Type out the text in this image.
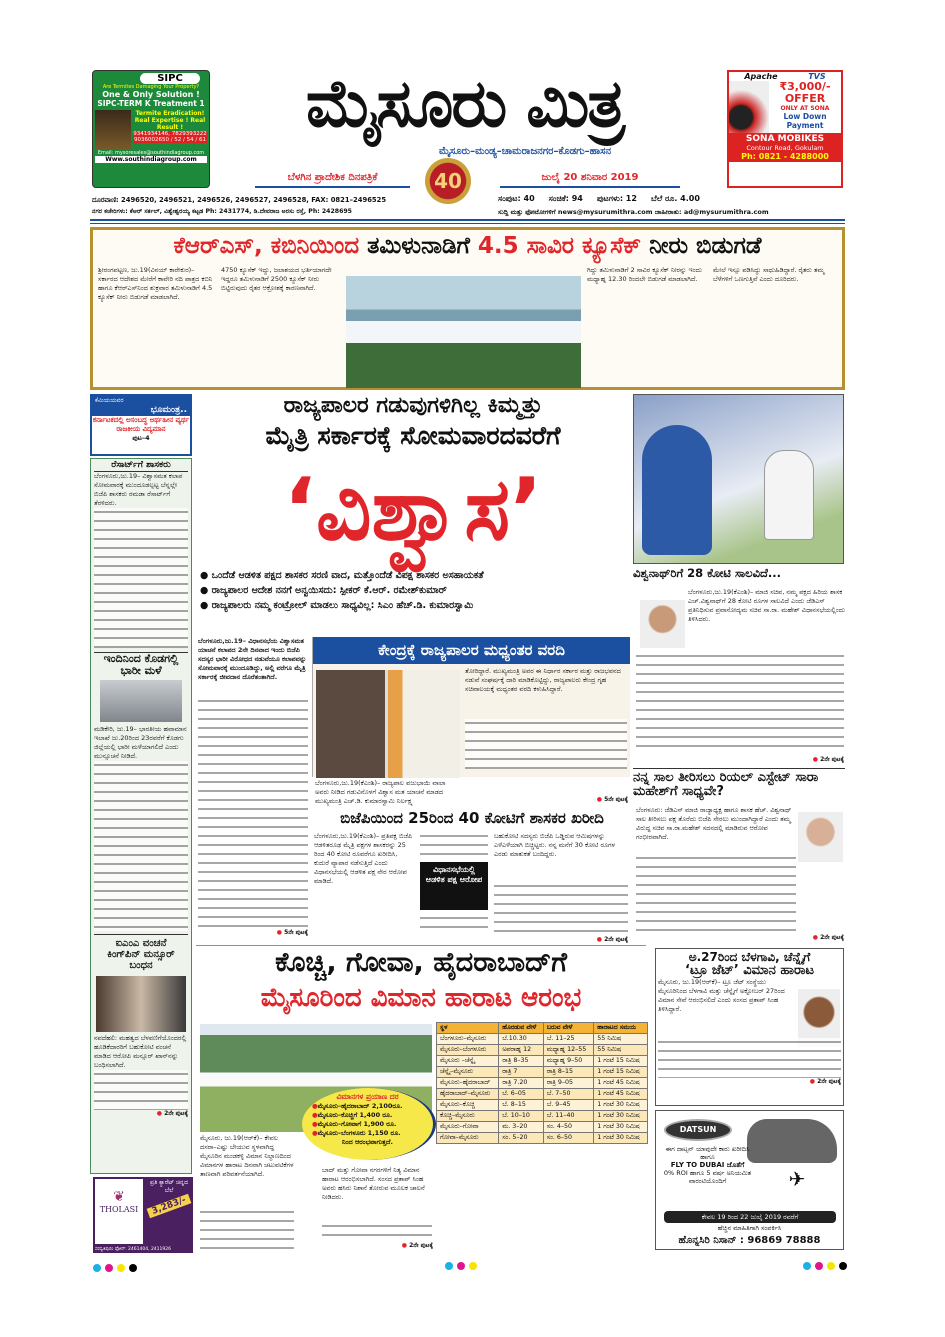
SIPC
Are Termites Damaging Your Property?
One & Only Solution !
SIPC-TERM K Treatment 1
Termite Eradication! Real Expertise ! Real Result !
9341934146, 7829393222 9036002650 / 52 / 54 / 61
Email: mysoresales@southindiagroup.com
Www.southindiagroup.com
ಮೈಸೂರು ಮಿತ್ರ
ಮೈಸೂರು–ಮಂಡ್ಯ–ಚಾಮರಾಜನಗರ–ಕೊಡಗು–ಹಾಸನ
ಬೆಳಗಿನ ಪ್ರಾದೇಶಿಕ ದಿನಪತ್ರಿಕೆ	40	ಜುಲೈ 20 ಶನಿವಾರ 2019
Apache	TVS
₹3,000/- OFFER
ONLY AT SONA
Low Down Payment
SONA MOBIKES
Contour Road, Gokulam
Ph: 0821 - 4288000
ದೂರವಾಣಿ: 2496520, 2496521, 2496526, 2496527, 2496528, FAX: 0821–2496525
ನಗರ ಕಚೇರಿಗಳು: ಕೆಆರ್ ಸರ್ಕಲ್, ವಿಶ್ವೇಶ್ವರಯ್ಯ ಕಟ್ಟಡ Ph: 2431774, ಡಿ.ದೇವರಾಜ ಅರಸು ರಸ್ತೆ, Ph: 2428695
ಸಂಪುಟ: 40 ಸಂಚಿಕೆ: 94 ಪುಟಗಳು: 12 ಬೆಲೆ ರೂ. 4.00
ಸುದ್ದಿ ಮತ್ತು ಫೋಟೋಗಳಿಗೆ news@mysurumithra.com ಜಾಹೀರಾತು: ad@mysurumithra.com
ಕೆಆರ್‌ಎಸ್, ಕಬಿನಿಯಿಂದ ತಮಿಳುನಾಡಿಗೆ 4.5 ಸಾವಿರ ಕ್ಯೂಸೆಕ್ ನೀರು ಬಿಡುಗಡೆ
ಶ್ರೀರಂಗಪಟ್ಟಣ, ಜು.19(ವಿನಯ್ ಕಾರೇಕುರ)– ಸರ್ಕಾರದ ಆದೇಶದ ಮೇರೆಗೆ ಕಾವೇರಿ ನದಿ ಪಾತ್ರದ ಕಬಿನಿ ಹಾಗೂ ಕೆಆರ್‌ಎಸ್‌ನಿಂದ ಶುಕ್ರವಾರ ತಮಿಳುನಾಡಿಗೆ 4.5 ಕ್ಯೂಸೆಕ್ ನೀರು ಬಿಡುಗಡೆ ಮಾಡಲಾಗಿದೆ.
4750 ಕ್ಯೂಸೆಕ್ ಇದ್ದು, ಜಲಾಶಯದ ಭರ್ತಿಯಾಗದೇ ಇದ್ದರೂ ತಮಿಳುನಾಡಿಗೆ 2500 ಕ್ಯೂಸೆಕ್ ನೀರು ಬಿಟ್ಟಿರುವುದು ರೈತರ ಆಕ್ರೋಶಕ್ಕೆ ಕಾರಣವಾಗಿದೆ.
ಗಿದ್ದು ತಮಿಳುನಾಡಿಗೆ 2 ಸಾವಿರ ಕ್ಯೂಸೆಕ್ ನೀರನ್ನು ಇಂದು ಮಧ್ಯಾಹ್ನ 12.30 ರಿಂದಲೇ ಬಿಡುಗಡೆ ಮಾಡಲಾಗಿದೆ.
ಮೇಲೆ ಇಸ್ಸೂ ಪಡಿಸಿದ್ದು ಸಾಧುಹಿಡಿದ್ದಾರೆ. ರೈತರು ತಮ್ಮ ಬೆಳೆಗಳಿಗೆ ಒಣಗುತ್ತಿವೆ ಎಂದು ದೂರಿದರು.
ಕೆಮಿಯಯವರ
ಭೂಮಂತ್ರ..
ಕರ್ನಾಟಕದಲ್ಲಿ ಅಸಂಬದ್ಧ ಅರ್ಥಹೀನ ವ್ಯರ್ಥ ರಾಜಕೀಯ ವಿದ್ಯಮಾನ
ಪುಟ–4
ರೆಸಾರ್ಟ್‌ಗೆ ಶಾಸಕರು
ಬೆಂಗಳೂರು,ಜು.19– ವಿಶ್ವಾಸಮತ ಕಲಾಪ ಸೋಮವಾರಕ್ಕೆ ಮುಂದೂಡಲ್ಪಟ್ಟ ಬೆನ್ನಲ್ಲೇ ಬಿಜೆಪಿ ಶಾಸಕರು ರಮಡಾ ರೆಸಾರ್ಟ್‌ಗೆ ತೆರಳಿದರು.
ಇಂದಿನಿಂದ ಕೊಡಗಲ್ಲಿ ಭಾರೀ ಮಳೆ
ಮಡಿಕೇರಿ, ಜು.19– ಭಾರತೀಯ ಹವಾಮಾನ ಇಲಾಖೆ ಜು.20ರಿಂದ 23ರವರೆಗೆ ಕೊಡಗು ಜಿಲ್ಲೆಯಲ್ಲಿ ಭಾರೀ ಮಳೆಯಾಗಲಿದೆ ಎಂದು ಮುನ್ಸೂಚನೆ ನೀಡಿದೆ.
ಐಎಂಎ ವಂಚನೆ ಕಿಂಗ್‌ಪಿನ್ ಮನ್ಸೂರ್ ಬಂಧನ
ನವದೆಹಲಿ: ಮಹತ್ವದ ಬೆಳವಣಿಗೆಯೊಂದರಲ್ಲಿ ಹೂಡಿಕೆದಾರರಿಗೆ ಬಹುಕೋಟಿ ವಂಚನೆ ಮಾಡಿದ ಆರೋಪಿ ಮನ್ಸೂರ್ ಖಾನ್‌ನನ್ನು ಬಂಧಿಸಲಾಗಿದೆ.
● 2ನೇ ಪುಟಕ್ಕೆ
❦
THOLASI
ಪ್ರತಿ ಕ್ಯಾರೆಟ್ ಚಿನ್ನದ ಬೆಲೆ
3,283/-
ಸರಸ್ವತಿಪುರಂ ಫೋನ್: 2461404, 2411926
ರಾಜ್ಯಪಾಲರ ಗಡುವುಗಳಿಗಿಲ್ಲ ಕಿಮ್ಮತ್ತು
ಮೈತ್ರಿ ಸರ್ಕಾರಕ್ಕೆ ಸೋಮವಾರದವರೆಗೆ
‘ವಿಶ್ವಾಸ’
● ಒಂದೆಡೆ ಆಡಳಿತ ಪಕ್ಷದ ಶಾಸಕರ ಸರಣಿ ವಾದ, ಮತ್ತೊಂದೆಡೆ ವಿಪಕ್ಷ ಶಾಸಕರ ಅಸಹಾಯಕತೆ
● ರಾಜ್ಯಪಾಲರ ಆದೇಶ ನನಗೆ ಅನ್ವಯಿಸದು: ಸ್ಪೀಕರ್ ಕೆ.ಆರ್. ರಮೇಶ್‌ಕುಮಾರ್
● ರಾಜ್ಯಪಾಲರು ನಮ್ಮ ಕಂಟ್ರೋಲ್ ಮಾಡಲು ಸಾಧ್ಯವಿಲ್ಲ: ಸಿಎಂ ಹೆಚ್.ಡಿ. ಕುಮಾರಸ್ವಾಮಿ
ಬೆಂಗಳೂರು,ಜು.19– ವಿಧಾನಸಭೆಯ ವಿಶ್ವಾಸಮತ ಯಾಚನೆ ಕಲಾಪದ 2ನೇ ದಿನವಾದ ಇಂದು ಬಿಜೆಪಿ ಸದಸ್ಯರ ಭಾರೀ ವಿರೋಧದ ನಡುವೆಯೂ ಕಲಾಪವನ್ನು ಸೋಮವಾರಕ್ಕೆ ಮುಂದೂಡಿದ್ದು, ಅಲ್ಲಿ ವರೆಗೂ ಮೈತ್ರಿ ಸರ್ಕಾರಕ್ಕೆ ಜೀವದಾನ ದೊರೆತಂತಾಗಿದೆ.
● 5ನೇ ಪುಟಕ್ಕೆ
ಕೇಂದ್ರಕ್ಕೆ ರಾಜ್ಯಪಾಲರ ಮಧ್ಯಂತರ ವರದಿ
ತೋರಿದ್ದಾರೆ. ಮುಖ್ಯಮಂತ್ರಿ ಅವರ ಈ ನಿರ್ಧಾರ ಸರ್ಕಾರ ಮತ್ತು ರಾಜಭವನದ ನಡುವೆ ಸಂಘರ್ಷಕ್ಕೆ ದಾರಿ ಮಾಡಿಕೊಟ್ಟಿದ್ದು, ರಾಜ್ಯಪಾಲರು ಕೇಂದ್ರ ಗೃಹ ಸಚಿವಾಲಯಕ್ಕೆ ಮಧ್ಯಂತರ ವರದಿ ಕಳುಹಿಸಿದ್ದಾರೆ.
ಬೆಂಗಳೂರು,ಜು.19(ಕೆಎಂಶಿ)– ರಾಜ್ಯಪಾಲ ವಜುಭಾಯಿ ವಾಲಾ ಅವರು ನೀಡಿದ ಗಡುವಿನೊಳಗೆ ವಿಶ್ವಾಸ ಮತ ಯಾಚನೆ ಮಾಡದ ಮುಖ್ಯಮಂತ್ರಿ ಎಚ್.ಡಿ. ಕುಮಾರಸ್ವಾಮಿ ನಿರ್ಲಕ್ಷ್ಯ	● 5ನೇ ಪುಟಕ್ಕೆ
ಬಿಜೆಪಿಯಿಂದ 25ರಿಂದ 40 ಕೋಟಿಗೆ ಶಾಸಕರ ಖರೀದಿ
ಬೆಂಗಳೂರು,ಜು.19(ಕೆಎಂಶಿ)– ಪ್ರತಿಪಕ್ಷ ಬಿಜೆಪಿ ಆಡಳಿತರೂಢ ಮೈತ್ರಿ ಪಕ್ಷಗಳ ಶಾಸಕರನ್ನು 25 ರಿಂದ 40 ಕೋಟಿ ರೂವರೆಗೂ ಖರೀದಿಸಿ, ಕುದುರೆ ವ್ಯಾಪಾರ ನಡೆಸುತ್ತಿದೆ ಎಂದು ವಿಧಾನಸಭೆಯಲ್ಲಿ ಆಡಳಿತ ಪಕ್ಷ ನೇರ ಆರೋಪ ಮಾಡಿದೆ.
ವಿಧಾನಸಭೆಯಲ್ಲಿ ಆಡಳಿತ ಪಕ್ಷ ಆರೋಪ
ಬಹುಕೋಟಿ ಸದಸ್ಯರು ಬಿಜೆಪಿ ಒಡ್ಡಿರುವ ಆಮಿಷಗಳನ್ನು ಎಳೆಎಳೆಯಾಗಿ ಬಿಚ್ಚಿಟ್ಟರು. ನನ್ನ ಮನೆಗೆ 30 ಕೋಟಿ ರೂಗಳ ಎರಡು ಮಾತುಕತೆ ಬಂದಿದ್ದರು.
● 2ನೇ ಪುಟಕ್ಕೆ
ವಿಶ್ವನಾಥ್‌ರಿಗೆ 28 ಕೋಟಿ ಸಾಲವಿದೆ...
ಬೆಂಗಳೂರು,ಜು.19(ಕೆಎಂಶಿ)– ಮಾಜಿ ಸಚಿವ, ನಮ್ಮ ಪಕ್ಷದ ಹಿರಿಯ ಶಾಸಕ ಎಚ್.ವಿಶ್ವನಾಥ್‌ಗೆ 28 ಕೋಟಿ ರೂಗಳ ಸಾಲವಿದೆ ಎಂದು ಜೆಡಿಎಸ್ ಪ್ರತಿನಿಧಿಸುವ ಪ್ರವಾಸೋದ್ಯಮ ಸಚಿವ ಸಾ.ರಾ. ಮಹೇಶ್ ವಿಧಾನಸಭೆಯಲ್ಲಿಂದು ತಿಳಿಸಿದರು.
● 2ನೇ ಪುಟಕ್ಕೆ
ನನ್ನ ಸಾಲ ತೀರಿಸಲು ರಿಯಲ್ ಎಸ್ಟೇಟ್ ಸಾರಾ ಮಹೇಶ್‌ಗೆ ಸಾಧ್ಯವೇ?
ಬೆಂಗಳೂರು: ಜೆಡಿಎಸ್ ಮಾಜಿ ರಾಜ್ಯಾಧ್ಯಕ್ಷ ಹಾಗೂ ಶಾಸಕ ಹೆಚ್. ವಿಶ್ವನಾಥ್ ಸಾಲ ತೀರಿಸಲು ಪಕ್ಷ ತೊರೆದು ಬಿಜೆಪಿ ಸೇರಲು ಮುಂದಾಗಿದ್ದಾರೆ ಎಂದು ತಮ್ಮ ವಿರುದ್ಧ ಸಚಿವ ಸಾ.ರಾ.ಮಹೇಶ್ ಸದನದಲ್ಲಿ ಮಾಡಿರುವ ಆರೋಪ ಗಂಭೀರವಾಗಿದೆ.
● 2ನೇ ಪುಟಕ್ಕೆ
ಕೊಚ್ಚಿ, ಗೋವಾ, ಹೈದರಾಬಾದ್‌ಗೆ
ಮೈಸೂರಿಂದ ವಿಮಾನ ಹಾರಾಟ ಆರಂಭ
ವಿಮಾನಗಳ ಪ್ರಯಾಣ ದರ
●ಮೈಸೂರು–ಹೈದರಾಬಾದ್ 2,100ರೂ.
●ಮೈಸೂರು–ಕೊಚ್ಚಿಗೆ 1,400 ರೂ.
●ಮೈಸೂರು–ಗೋವಾಗೆ 1,900 ರೂ.
●ಮೈಸೂರು–ಬೆಂಗಳೂರು 1,150 ರೂ.
ನಿಂದ ಆರಂಭವಾಗುತ್ತದೆ.
ಮೈಸೂರು, ಜು.19(ಆರ್‌ಕೆ)– ಕೇವಲ ದಸರಾ–ಎಷ್ಟು ಬೇಯುವ ಸ್ಥಳವಾಗಿದ್ದ ಮೈಸೂರಿನ ಮಂಡಕಳ್ಳಿ ವಿಮಾನ ನಿಲ್ದಾಣದಿಂದ ವಿಮಾನಗಳ ಹಾರಾಟ ದಿನವಾಗಿ ಚಟುವಟಿಕೆಗಳ ತಾಣವಾಗಿ ಪರಿವರ್ತನೆಯಾಗಿದೆ.	ಬಾದ್ ಮತ್ತು ಗೋವಾ ನಗರಗಳಿಗೆ ನಿತ್ಯ ವಿಮಾನ ಹಾರಾಟ ಆರಂಭಿಸಲಾಗಿದೆ. ಸಂಸದ ಪ್ರತಾಪ್ ಸಿಂಹ ಅವರು ಹಸಿರು ನಿಶಾನೆ ತೋರುವ ಮೂಲಕ ಚಾಲನೆ ನೀಡಿದರು.
● 2ನೇ ಪುಟಕ್ಕೆ
ಸ್ಥಳ	ಹೊರಡುವ ವೇಳೆ	ಬರುವ ವೇಳೆ	ಹಾರಾಟದ ಸಮಯ
ಬೆಂಗಳೂರು–ಮೈಸೂರು	ಬೆ.10.30	ಬೆ. 11–25	55 ನಿಮಿಷ
ಮೈಸೂರು–ಬೆಂಗಳೂರು	ಅಪರಾಹ್ನ 12	ಮಧ್ಯಾಹ್ನ 12–55	55 ನಿಮಿಷ
ಮೈಸೂರು –ಚೆನ್ನೈ	ರಾತ್ರಿ 8–35	ಮಧ್ಯಾಹ್ನ 9–50	1 ಗಂಟೆ 15 ನಿಮಿಷ
ಚೆನ್ನೈ–ಮೈಸೂರು	ರಾತ್ರಿ 7	ರಾತ್ರಿ 8–15	1 ಗಂಟೆ 15 ನಿಮಿಷ
ಮೈಸೂರು–ಹೈದರಾಬಾದ್	ರಾತ್ರಿ 7.20	ರಾತ್ರಿ 9–05	1 ಗಂಟೆ 45 ನಿಮಿಷ
ಹೈದರಾಬಾದ್–ಮೈಸೂರು	ಬೆ. 6–05	ಬೆ. 7–50	1 ಗಂಟೆ 45 ನಿಮಿಷ
ಮೈಸೂರು–ಕೊಚ್ಚಿ	ಬೆ. 8–15	ಬೆ. 9–45	1 ಗಂಟೆ 30 ನಿಮಿಷ
ಕೊಚ್ಚಿ–ಮೈಸೂರು	ಬೆ. 10–10	ಬೆ. 11–40	1 ಗಂಟೆ 30 ನಿಮಿಷ
ಮೈಸೂರು–ಗೋವಾ	ಮ. 3–20	ಸಂ. 4–50	1 ಗಂಟೆ 30 ನಿಮಿಷ
ಗೋವಾ–ಮೈಸೂರು	ಸಂ. 5–20	ಸಂ. 6–50	1 ಗಂಟೆ 30 ನಿಮಿಷ
ಅ.27ರಿಂದ ಬೆಳಗಾವಿ, ಚೆನ್ನೈಗೆ
‘ಟ್ರೂ ಜೆಟ್’ ವಿಮಾನ ಹಾರಾಟ
ಮೈಸೂರು, ಜು.19(ಆರ್‌ಕೆ)– ಟ್ರೂ ಜೆಟ್ ಸಂಸ್ಥೆಯು ಮೈಸೂರಿನಿಂದ ಬೆಳಗಾವಿ ಮತ್ತು ಚೆನ್ನೈಗೆ ಅಕ್ಟೋಬರ್ 27ರಿಂದ ವಿಮಾನ ಸೇವೆ ಆರಂಭಿಸಲಿದೆ ಎಂದು ಸಂಸದ ಪ್ರತಾಪ್ ಸಿಂಹ ತಿಳಿಸಿದ್ದಾರೆ.
● 2ನೇ ಪುಟಕ್ಕೆ
DATSUN
✈
ಈಗ ದಾಟ್ಸನ್ ಯಾವುದೇ ಕಾರು ಖರೀದಿಸಿ ಹಾಗೂ
FLY TO DUBAI ಜೊತೆಗೆ
0% ROI ಹಾಗೂ 5 ವರ್ಷ ಅನಿಯಮಿತ ವಾರಂಟಿಯೊಂದಿಗೆ
ಕೇವಲ 19 ರಿಂದ 22 ಜುಲೈ 2019 ರವರೆಗೆ
ಹೆಚ್ಚಿನ ಮಾಹಿತಿಗಾಗಿ ಸಂಪರ್ಕಿಸಿ
ಹೊನ್ನಸಿರಿ ನಿಸಾನ್ : 96869 78888
